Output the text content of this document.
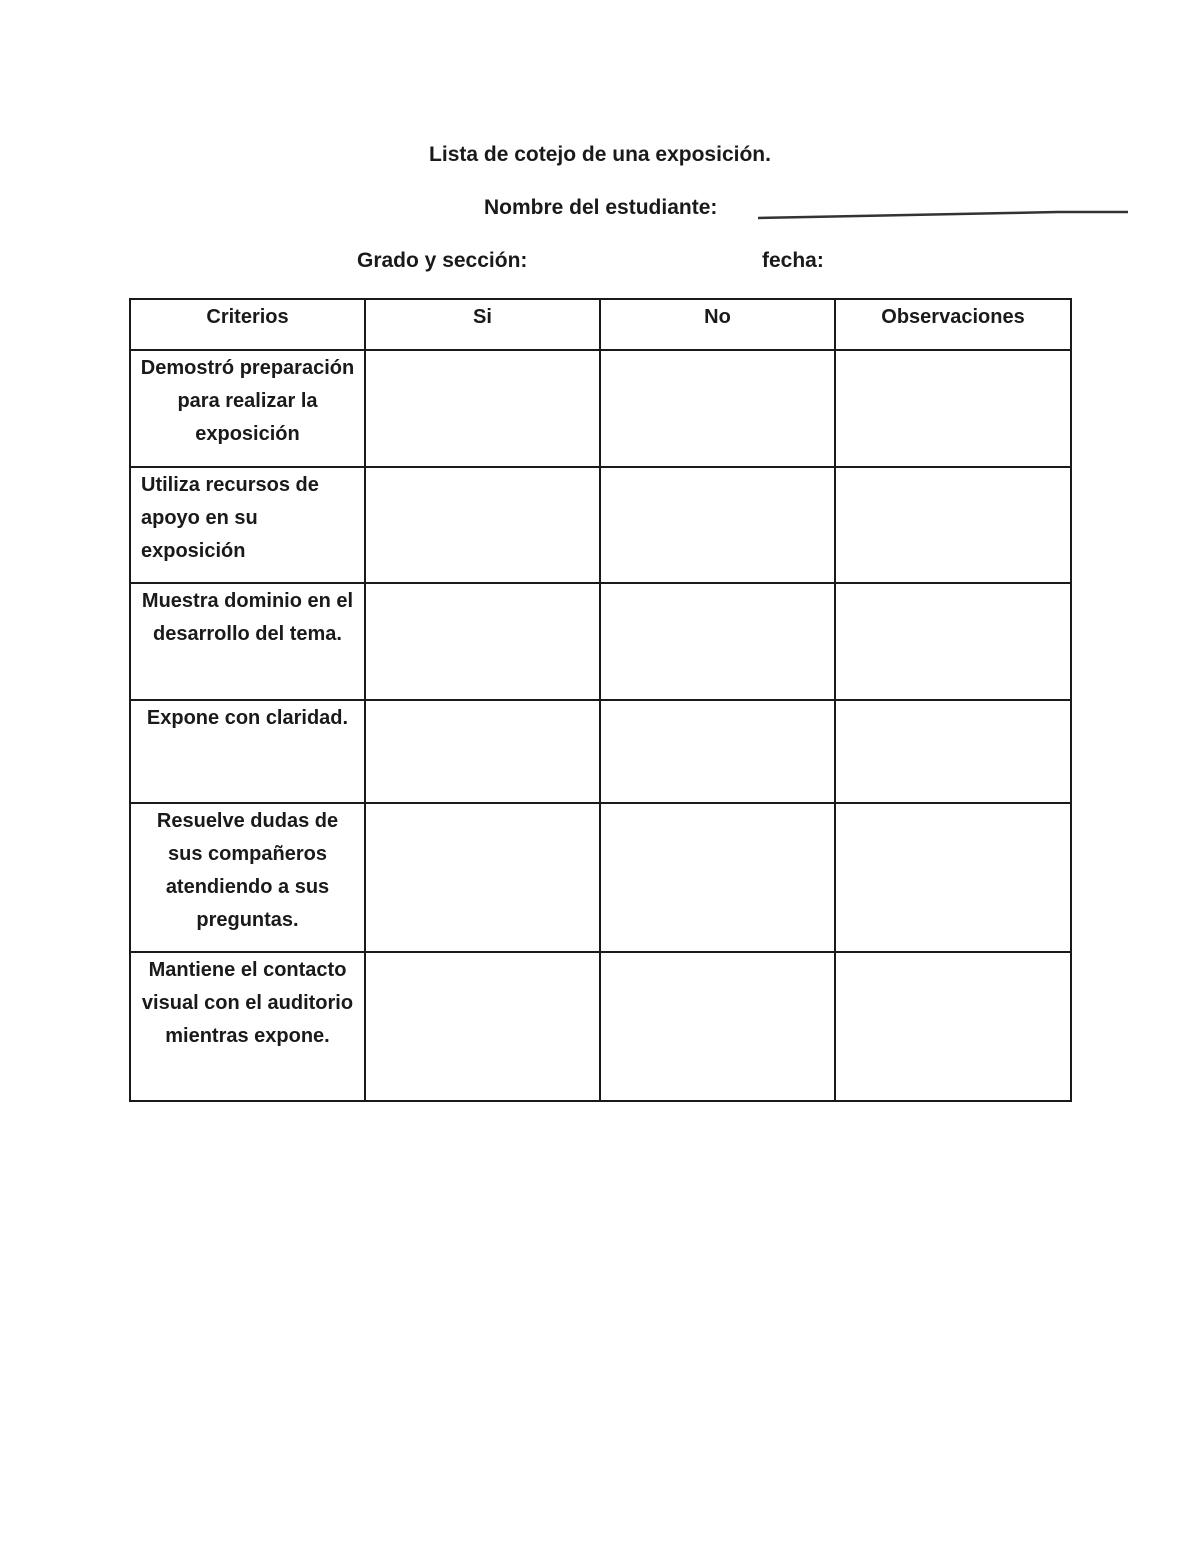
Lista de cotejo de una exposición.
Nombre del estudiante:
Grado y sección:	fecha:
Criterios	Si	No	Observaciones
Demostró preparación para realizar la exposición			
Utiliza recursos de apoyo en su exposición			
Muestra dominio en el desarrollo del tema.			
Expone con claridad.			
Resuelve dudas de sus compañeros atendiendo a sus preguntas.			
Mantiene el contacto visual con el auditorio mientras expone.			
